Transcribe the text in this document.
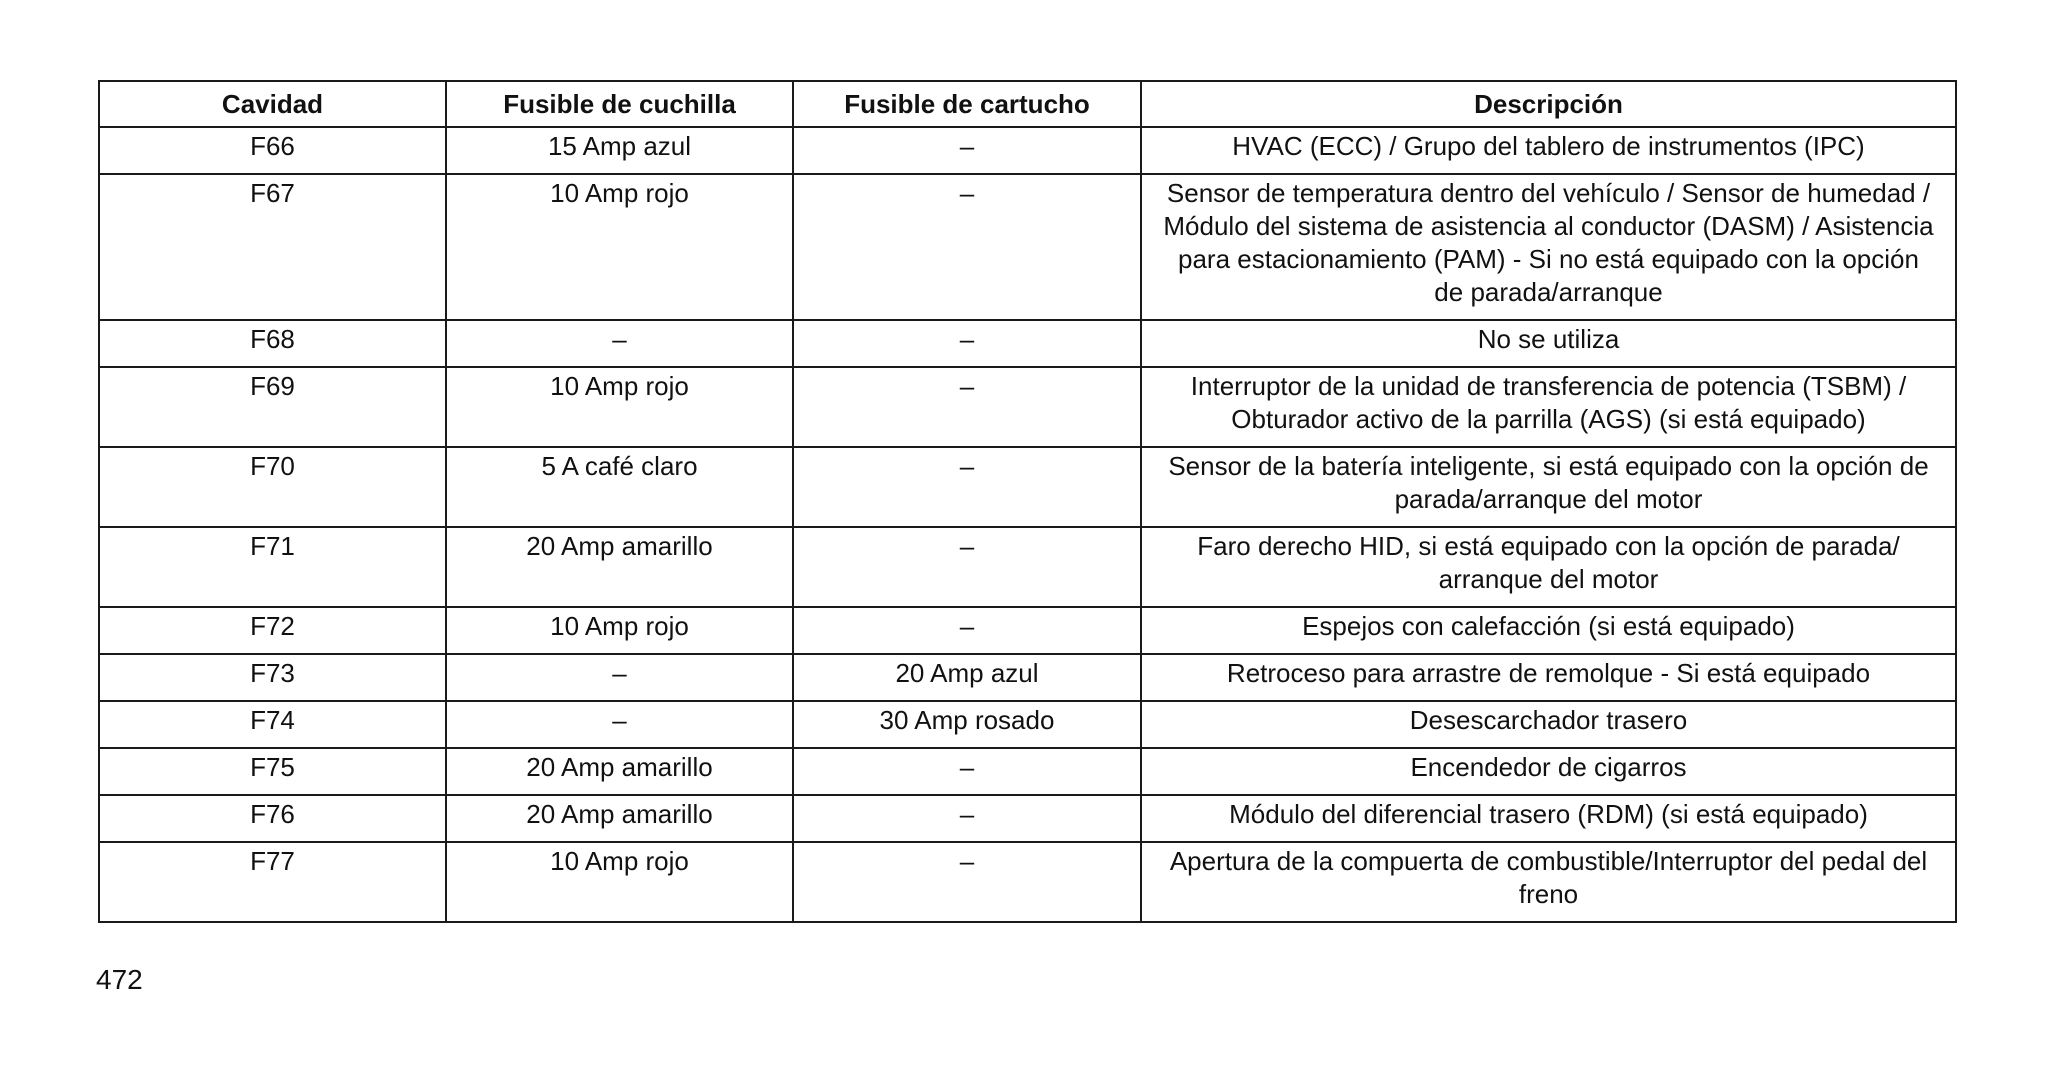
Cavidad	Fusible de cuchilla	Fusible de cartucho	Descripción
F66	15 Amp azul	–	HVAC (ECC) / Grupo del tablero de instrumentos (IPC)
F67	10 Amp rojo	–	Sensor de temperatura dentro del vehículo / Sensor de humedad / Módulo del sistema de asistencia al conductor (DASM) / Asistencia para estacionamiento (PAM) - Si no está equipado con la opción de parada/arranque
F68	–	–	No se utiliza
F69	10 Amp rojo	–	Interruptor de la unidad de transferencia de potencia (TSBM) / Obturador activo de la parrilla (AGS) (si está equipado)
F70	5 A café claro	–	Sensor de la batería inteligente, si está equipado con la opción de parada/arranque del motor
F71	20 Amp amarillo	–	Faro derecho HID, si está equipado con la opción de parada/ arranque del motor
F72	10 Amp rojo	–	Espejos con calefacción (si está equipado)
F73	–	20 Amp azul	Retroceso para arrastre de remolque - Si está equipado
F74	–	30 Amp rosado	Desescarchador trasero
F75	20 Amp amarillo	–	Encendedor de cigarros
F76	20 Amp amarillo	–	Módulo del diferencial trasero (RDM) (si está equipado)
F77	10 Amp rojo	–	Apertura de la compuerta de combustible/Interruptor del pedal del freno
472
